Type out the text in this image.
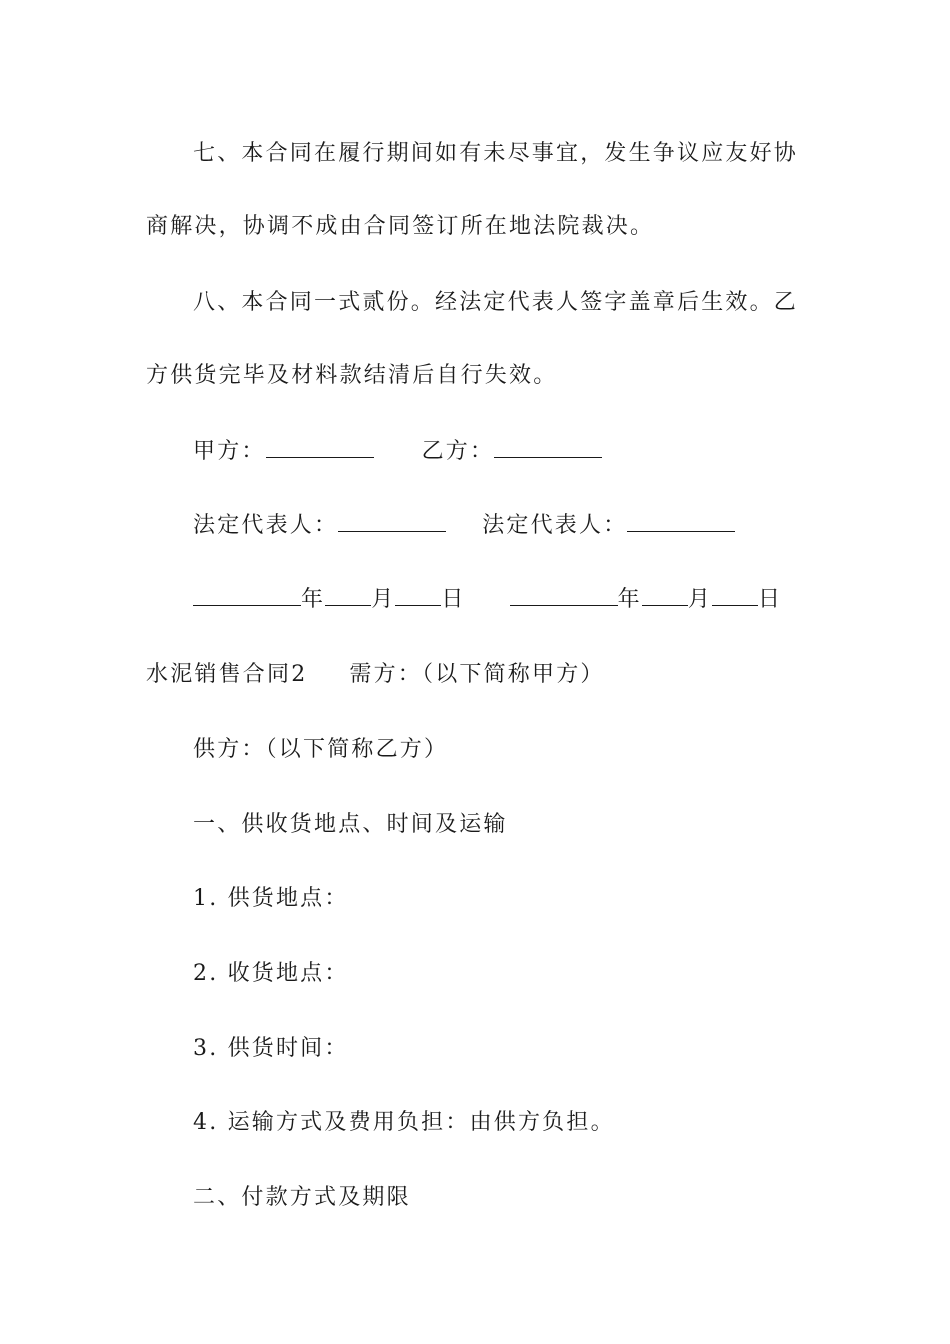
七、本合同在履行期间如有未尽事宜，发生争议应友好协
商解决，协调不成由合同签订所在地法院裁决。
八、本合同一式贰份。经法定代表人签字盖章后生效。乙
方供货完毕及材料款结清后自行失效。
甲方：	乙方：
法定代表人：	法定代表人：
年 月 日	年 月 日
水泥销售合同2 需方：（以下简称甲方）
供方：（以下简称乙方）
一、供收货地点、时间及运输
1. 供货地点：
2. 收货地点：
3. 供货时间：
4. 运输方式及费用负担：由供方负担。
二、付款方式及期限
